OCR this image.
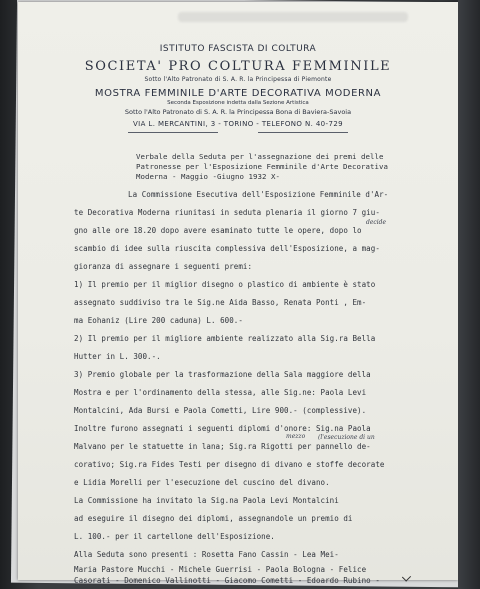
ISTITUTO FASCISTA DI COLTURA
SOCIETA' PRO COLTURA FEMMINILE
Sotto l'Alto Patronato di S. A. R. la Principessa di Piemonte
MOSTRA FEMMINILE D'ARTE DECORATIVA MODERNA
Seconda Esposizione indetta dalla Sezione Artistica
Sotto l'Alto Patronato di S. A. R. la Principessa Bona di Baviera-Savoia
VIA L. MERCANTINI, 3 - TORINO - TELEFONO N. 40-729
Verbale della Seduta per l'assegnazione dei premi delle
Patronesse per l'Esposizione Femminile d'Arte Decorativa
Moderna - Maggio -Giugno 1932 X-
La Commissione Esecutiva dell'Esposizione Femminile d'Ar-
te Decorativa Moderna riunitasi in seduta plenaria il giorno 7 giu-
gno alle ore 18.20 dopo avere esaminato tutte le opere, dopo lo
scambio di idee sulla riuscita complessiva dell'Esposizione, a mag-
gioranza di assegnare i seguenti premi:
1) Il premio per il miglior disegno o plastico di ambiente è stato
assegnato suddiviso tra le Sig.ne Aida Basso, Renata Ponti , Em-
ma Eohaniz (Lire 200 caduna) L. 600.-
2) Il premio per il migliore ambiente realizzato alla Sig.ra Bella
Hutter in L. 300.-.
3) Premio globale per la trasformazione della Sala maggiore della
Mostra e per l'ordinamento della stessa, alle Sig.ne: Paola Levi
Montalcini, Ada Bursi e Paola Cometti, Lire 900.- (complessive).
Inoltre furono assegnati i seguenti diplomi d'onore: Sig.na Paola
Malvano per le statuette in lana; Sig.ra Rigotti per pannello de-
corativo; Sig.ra Fides Testi per disegno di divano e stoffe decorate
e Lidia Morelli per l'esecuzione del cuscino del divano.
La Commissione ha invitato la Sig.na Paola Levi Montalcini
ad eseguire il disegno dei diplomi, assegnandole un premio di
L. 100.- per il cartellone dell'Esposizione.
Alla Seduta sono presenti : Rosetta Fano Cassin - Lea Mei-
Maria Pastore Mucchi - Michele Guerrisi - Paola Bologna - Felice
Casorati - Domenico Vallinotti - Giacomo Cometti - Edoardo Rubino -
decide
(l'esecuzione di un
mezzo
